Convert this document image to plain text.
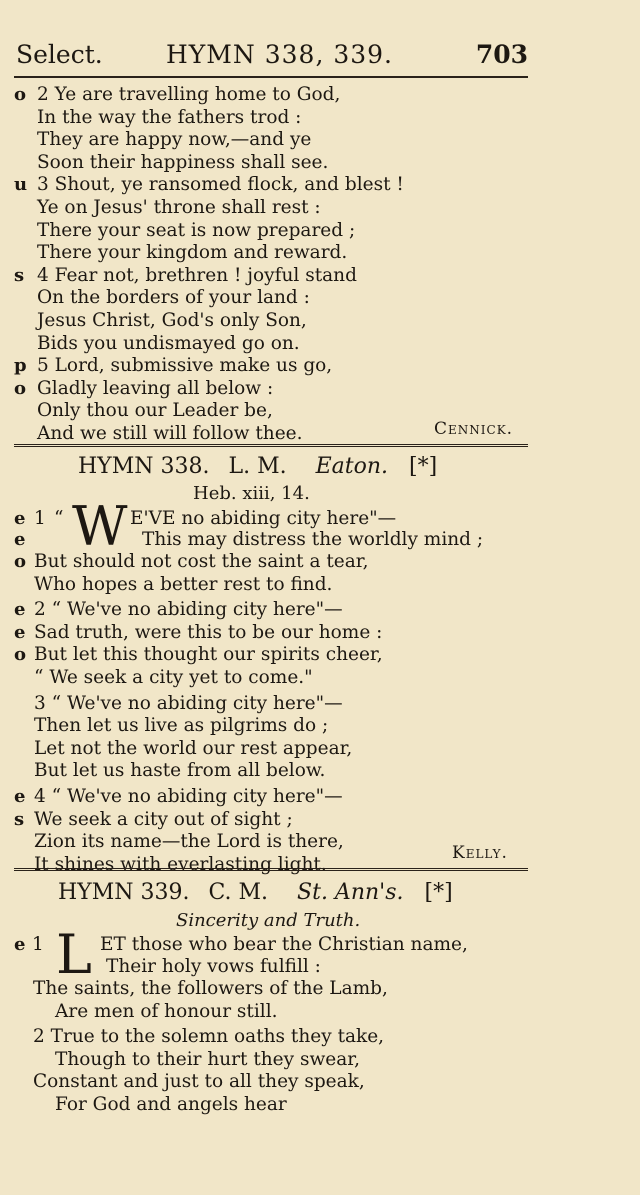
Select.	HYMN 338, 339.	703
o 2 Ye are travelling home to God,
In the way the fathers trod :
They are happy now,—and ye
Soon their happiness shall see.
u 3 Shout, ye ransomed flock, and blest !
Ye on Jesus' throne shall rest :
There your seat is now prepared ;
There your kingdom and reward.
s 4 Fear not, brethren ! joyful stand
On the borders of your land :
Jesus Christ, God's only Son,
Bids you undismayed go on.
p 5 Lord, submissive make us go,
o Gladly leaving all below :
Only thou our Leader be,
And we still will follow thee.	Cennick.
HYMN 338. L. M. Eaton. [*]
Heb. xiii, 14.
e 1 “ W E'VE no abiding city here"—
e	This may distress the worldly mind ;
o But should not cost the saint a tear,
Who hopes a better rest to find.
e 2 “ We've no abiding city here"—
e Sad truth, were this to be our home :
o But let this thought our spirits cheer,
“ We seek a city yet to come."
3 “ We've no abiding city here"—
Then let us live as pilgrims do ;
Let not the world our rest appear,
But let us haste from all below.
e 4 “ We've no abiding city here"—
s We seek a city out of sight ;
Zion its name—the Lord is there,
It shines with everlasting light.
Kelly.
HYMN 339. C. M. St. Ann's. [*]
Sincerity and Truth.
e 1 L ET those who bear the Christian name,
Their holy vows fulfill :
The saints, the followers of the Lamb,
Are men of honour still.
2 True to the solemn oaths they take,
Though to their hurt they swear,
Constant and just to all they speak,
For God and angels hear
